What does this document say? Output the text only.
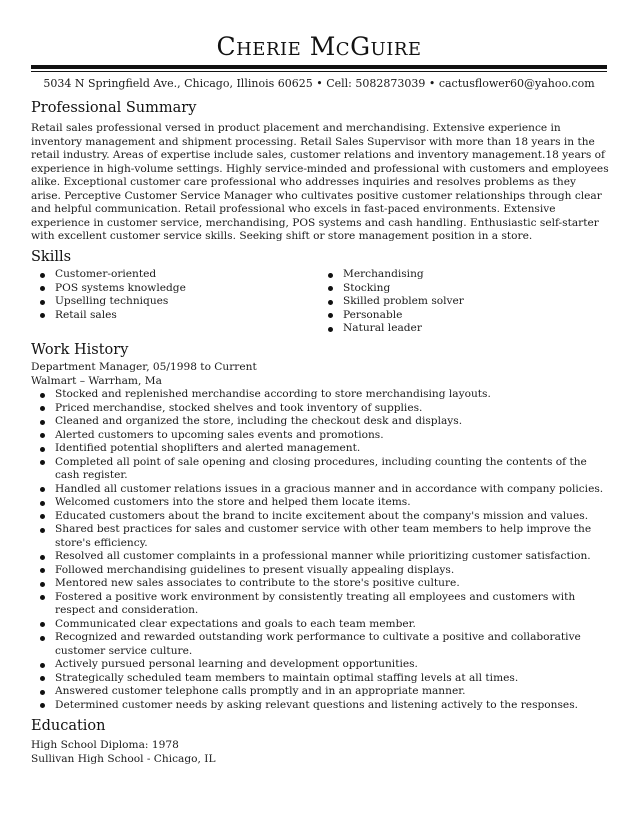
Cherie McGuire
5034 N Springfield Ave., Chicago, Illinois 60625 • Cell: 5082873039 • cactusflower60@yahoo.com
Professional Summary

Retail sales professional versed in product placement and merchandising. Extensive experience in inventory management and shipment processing. Retail Sales Supervisor with more than 18 years in the retail industry. Areas of expertise include sales, customer relations and inventory management.18 years of experience in high-volume settings. Highly service-minded and professional with customers and employees alike. Exceptional customer care professional who addresses inquiries and resolves problems as they arise. Perceptive Customer Service Manager who cultivates positive customer relationships through clear and helpful communication. Retail professional who excels in fast-paced environments. Extensive experience in customer service, merchandising, POS systems and cash handling. Enthusiastic self-starter with excellent customer service skills. Seeking shift or store management position in a store.

Skills
Customer-oriented
POS systems knowledge
Upselling techniques
Retail sales
Merchandising
Stocking
Skilled problem solver
Personable
Natural leader
Work History
Department Manager, 05/1998 to Current
Walmart – Warrham, Ma
Stocked and replenished merchandise according to store merchandising layouts.
Priced merchandise, stocked shelves and took inventory of supplies.
Cleaned and organized the store, including the checkout desk and displays.
Alerted customers to upcoming sales events and promotions.
Identified potential shoplifters and alerted management.
Completed all point of sale opening and closing procedures, including counting the contents of the cash register.
Handled all customer relations issues in a gracious manner and in accordance with company policies.
Welcomed customers into the store and helped them locate items.
Educated customers about the brand to incite excitement about the company's mission and values.
Shared best practices for sales and customer service with other team members to help improve the store's efficiency.
Resolved all customer complaints in a professional manner while prioritizing customer satisfaction.
Followed merchandising guidelines to present visually appealing displays.
Mentored new sales associates to contribute to the store's positive culture.
Fostered a positive work environment by consistently treating all employees and customers with respect and consideration.
Communicated clear expectations and goals to each team member.
Recognized and rewarded outstanding work performance to cultivate a positive and collaborative customer service culture.
Actively pursued personal learning and development opportunities.
Strategically scheduled team members to maintain optimal staffing levels at all times.
Answered customer telephone calls promptly and in an appropriate manner.
Determined customer needs by asking relevant questions and listening actively to the responses.
Education
High School Diploma: 1978
Sullivan High School - Chicago, IL
